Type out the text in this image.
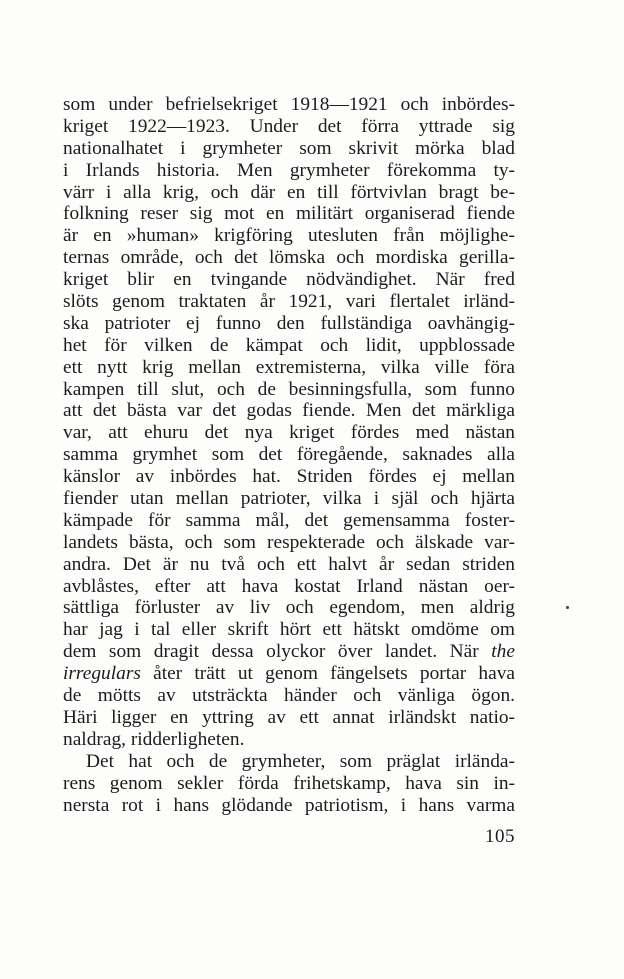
som under befrielsekriget 1918—1921 och inbördes-
kriget 1922—1923. Under det förra yttrade sig
nationalhatet i grymheter som skrivit mörka blad
i Irlands historia. Men grymheter förekomma ty-
värr i alla krig, och där en till förtvivlan bragt be-
folkning reser sig mot en militärt organiserad fiende
är en »human» krigföring utesluten från möjlighe-
ternas område, och det lömska och mordiska gerilla-
kriget blir en tvingande nödvändighet. När fred
slöts genom traktaten år 1921, vari flertalet irländ-
ska patrioter ej funno den fullständiga oavhängig-
het för vilken de kämpat och lidit, uppblossade
ett nytt krig mellan extremisterna, vilka ville föra
kampen till slut, och de besinningsfulla, som funno
att det bästa var det godas fiende. Men det märkliga
var, att ehuru det nya kriget fördes med nästan
samma grymhet som det föregående, saknades alla
känslor av inbördes hat. Striden fördes ej mellan
fiender utan mellan patrioter, vilka i själ och hjärta
kämpade för samma mål, det gemensamma foster-
landets bästa, och som respekterade och älskade var-
andra. Det är nu två och ett halvt år sedan striden
avblåstes, efter att hava kostat Irland nästan oer-
sättliga förluster av liv och egendom, men aldrig
har jag i tal eller skrift hört ett hätskt omdöme om
dem som dragit dessa olyckor över landet. När the
irregulars åter trätt ut genom fängelsets portar hava
de mötts av utsträckta händer och vänliga ögon.
Häri ligger en yttring av ett annat irländskt natio-
naldrag, ridderligheten.
Det hat och de grymheter, som präglat irlända-
rens genom sekler förda frihetskamp, hava sin in-
nersta rot i hans glödande patriotism, i hans varma
105
